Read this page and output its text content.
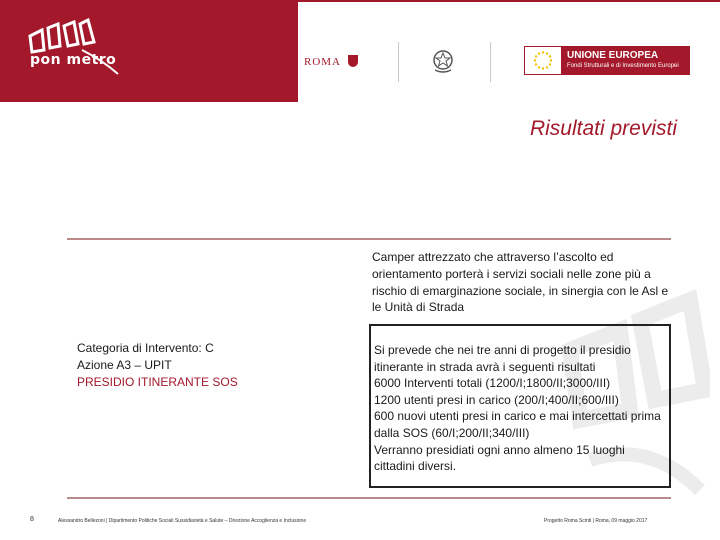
pon metro	ROMA
UNIONE EUROPEA
Fondi Strutturali e di Investimento Europei
Risultati previsti
Camper attrezzato che attraverso l’ascolto ed orientamento porterà i servizi sociali nelle zone più a rischio di emarginazione sociale, in sinergia con le Asl e le Unità di Strada
Categoria di Intervento: C
Azione A3 – UPIT
PRESIDIO ITINERANTE SOS
Si prevede che nei tre anni di progetto il presidio itinerante in strada avrà i seguenti risultati
6000 Interventi totali (1200/I;1800/II;3000/III)
1200 utenti presi in carico (200/I;400/II;600/III)
600 nuovi utenti presi in carico e mai intercettati prima dalla SOS (60/I;200/II;340/III)
Verranno presidiati ogni anno almeno 15 luoghi cittadini diversi.
8	Alessandro Bellezoni | Dipartimento Politiche Sociali Sussidiarietà e Salute – Direzione Accoglienza e Inclusione	Progetto Roma Scinti | Roma, 09 maggio 2017
